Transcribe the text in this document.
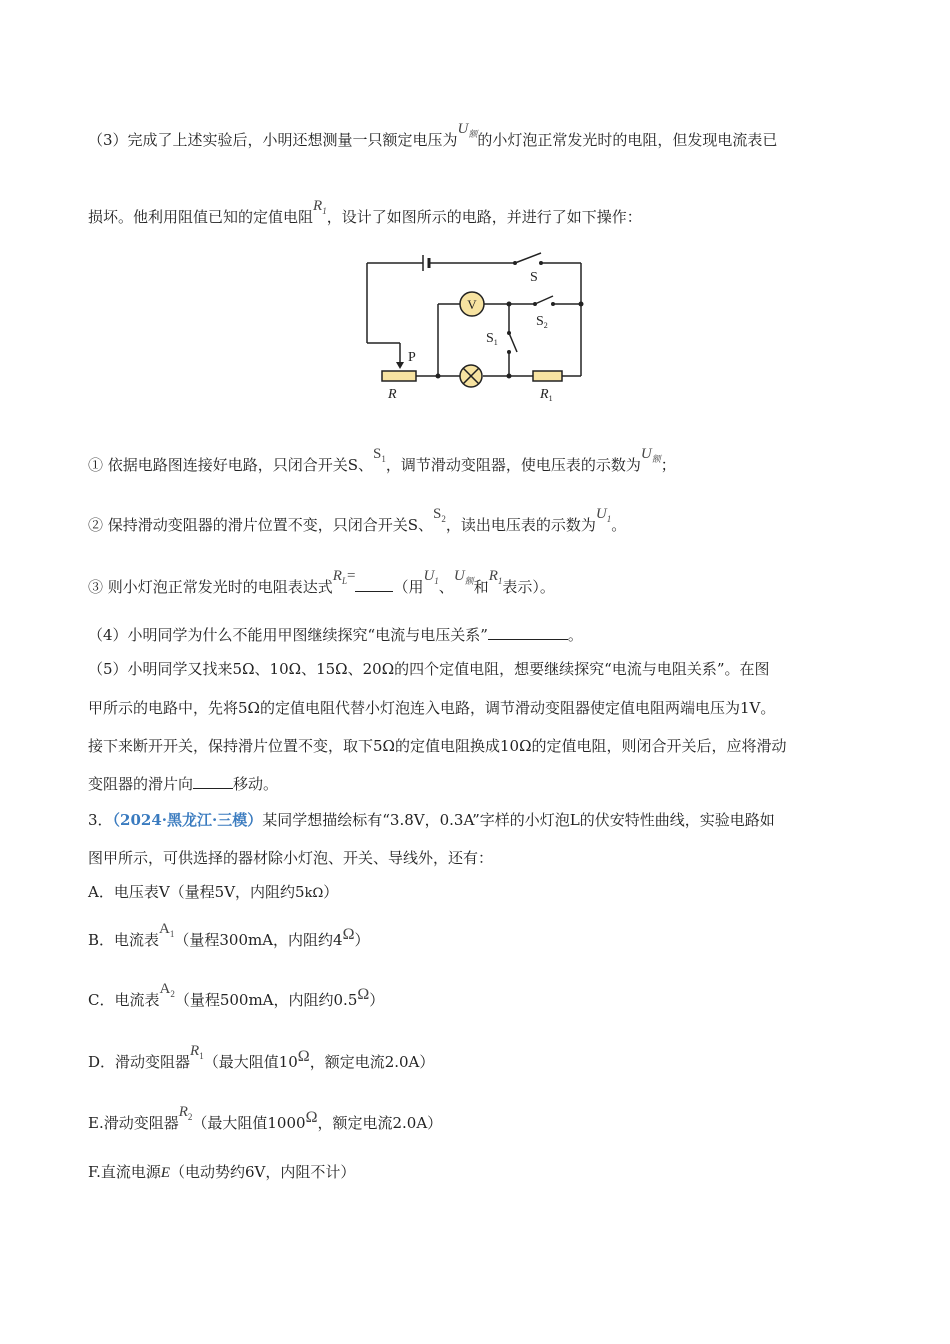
（3）完成了上述实验后，小明还想测量一只额定电压为$U_额$的小灯泡正常发光时的电阻，但发现电流表已
损坏。他利用阻值已知的定值电阻$R_1$，设计了如图所示的电路，并进行了如下操作：
V
S
$S_2$
$S_1$
P
R	$R_1$
① 依据电路图连接好电路，只闭合开关S、$S_1$，调节滑动变阻器，使电压表的示数为$U_额$；
② 保持滑动变阻器的滑片位置不变，只闭合开关S、$S_2$，读出电压表的示数为$U_1$。
③ 则小灯泡正常发光时的电阻表达式$R_L=$（用$U_1$、$U_额$和$R_1$表示）。
（4）小明同学为什么不能用甲图继续探究“电流与电压关系”	。
（5）小明同学又找来5Ω、10Ω、15Ω、20Ω的四个定值电阻，想要继续探究“电流与电阻关系”。在图
甲所示的电路中，先将5Ω的定值电阻代替小灯泡连入电路，调节滑动变阻器使定值电阻两端电压为1V。
接下来断开开关，保持滑片位置不变，取下5Ω的定值电阻换成10Ω的定值电阻，则闭合开关后，应将滑动
变阻器的滑片向	移动。
3．（2024·黑龙江·三模）某同学想描绘标有“3.8V，0.3A”字样的小灯泡L的伏安特性曲线，实验电路如
图甲所示，可供选择的器材除小灯泡、开关、导线外，还有：
A．电压表V（量程5V，内阻约5kΩ）
B．电流表$A_1$（量程300mA，内阻约4Ω）
C．电流表$A_2$（量程500mA，内阻约0.5Ω）
D．滑动变阻器$R_1$（最大阻值10Ω，额定电流2.0A）
E.滑动变阻器$R_2$（最大阻值1000Ω，额定电流2.0A）
F.直流电源E（电动势约6V，内阻不计）
